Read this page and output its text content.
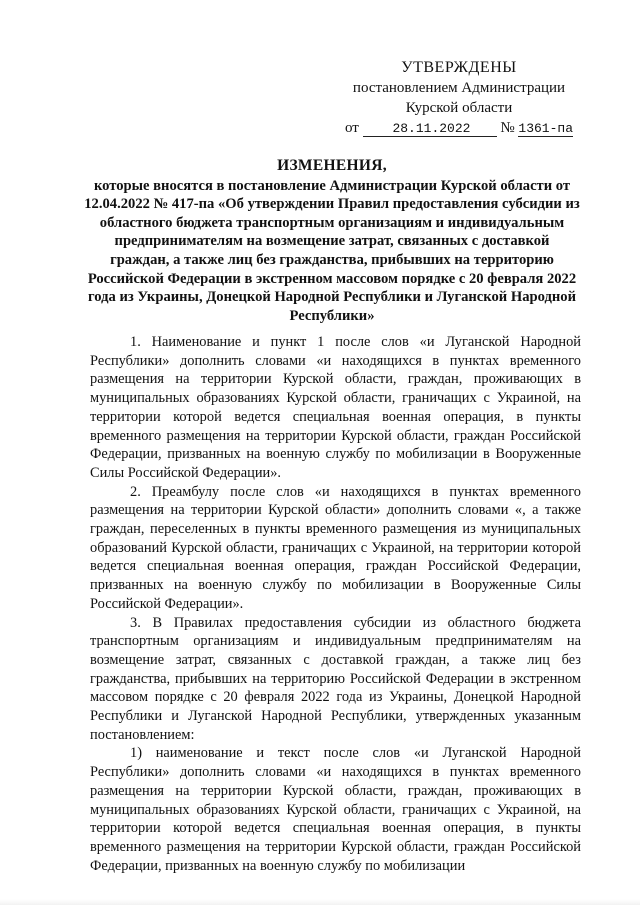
УТВЕРЖДЕНЫ
постановлением Администрации
Курской области
от	28.11.2022 № 1361-па
ИЗМЕНЕНИЯ,
которые вносятся в постановление Администрации Курской области от 12.04.2022 № 417-па «Об утверждении Правил предоставления субсидии из областного бюджета транспортным организациям и индивидуальным предпринимателям на возмещение затрат, связанных с доставкой граждан, а также лиц без гражданства, прибывших на территорию Российской Федерации в экстренном массовом порядке с 20 февраля 2022 года из Украины, Донецкой Народной Республики и Луганской Народной Республики»

1. Наименование и пункт 1 после слов «и Луганской Народной Республики» дополнить словами «и находящихся в пунктах временного размещения на территории Курской области, граждан, проживающих в муниципальных образованиях Курской области, граничащих с Украиной, на территории которой ведется специальная военная операция, в пункты временного размещения на территории Курской области, граждан Российской Федерации, призванных на военную службу по мобилизации в Вооруженные Силы Российской Федерации».

2. Преамбулу после слов «и находящихся в пунктах временного размещения на территории Курской области» дополнить словами «, а также граждан, переселенных в пункты временного размещения из муниципальных образований Курской области, граничащих с Украиной, на территории которой ведется специальная военная операция, граждан Российской Федерации, призванных на военную службу по мобилизации в Вооруженные Силы Российской Федерации».

3. В Правилах предоставления субсидии из областного бюджета транспортным организациям и индивидуальным предпринимателям на возмещение затрат, связанных с доставкой граждан, а также лиц без гражданства, прибывших на территорию Российской Федерации в экстренном массовом порядке с 20 февраля 2022 года из Украины, Донецкой Народной Республики и Луганской Народной Республики, утвержденных указанным постановлением:

1) наименование и текст после слов «и Луганской Народной Республики» дополнить словами «и находящихся в пунктах временного размещения на территории Курской области, граждан, проживающих в муниципальных образованиях Курской области, граничащих с Украиной, на территории которой ведется специальная военная операция, в пункты временного размещения на территории Курской области, граждан Российской Федерации, призванных на военную службу по мобилизации
